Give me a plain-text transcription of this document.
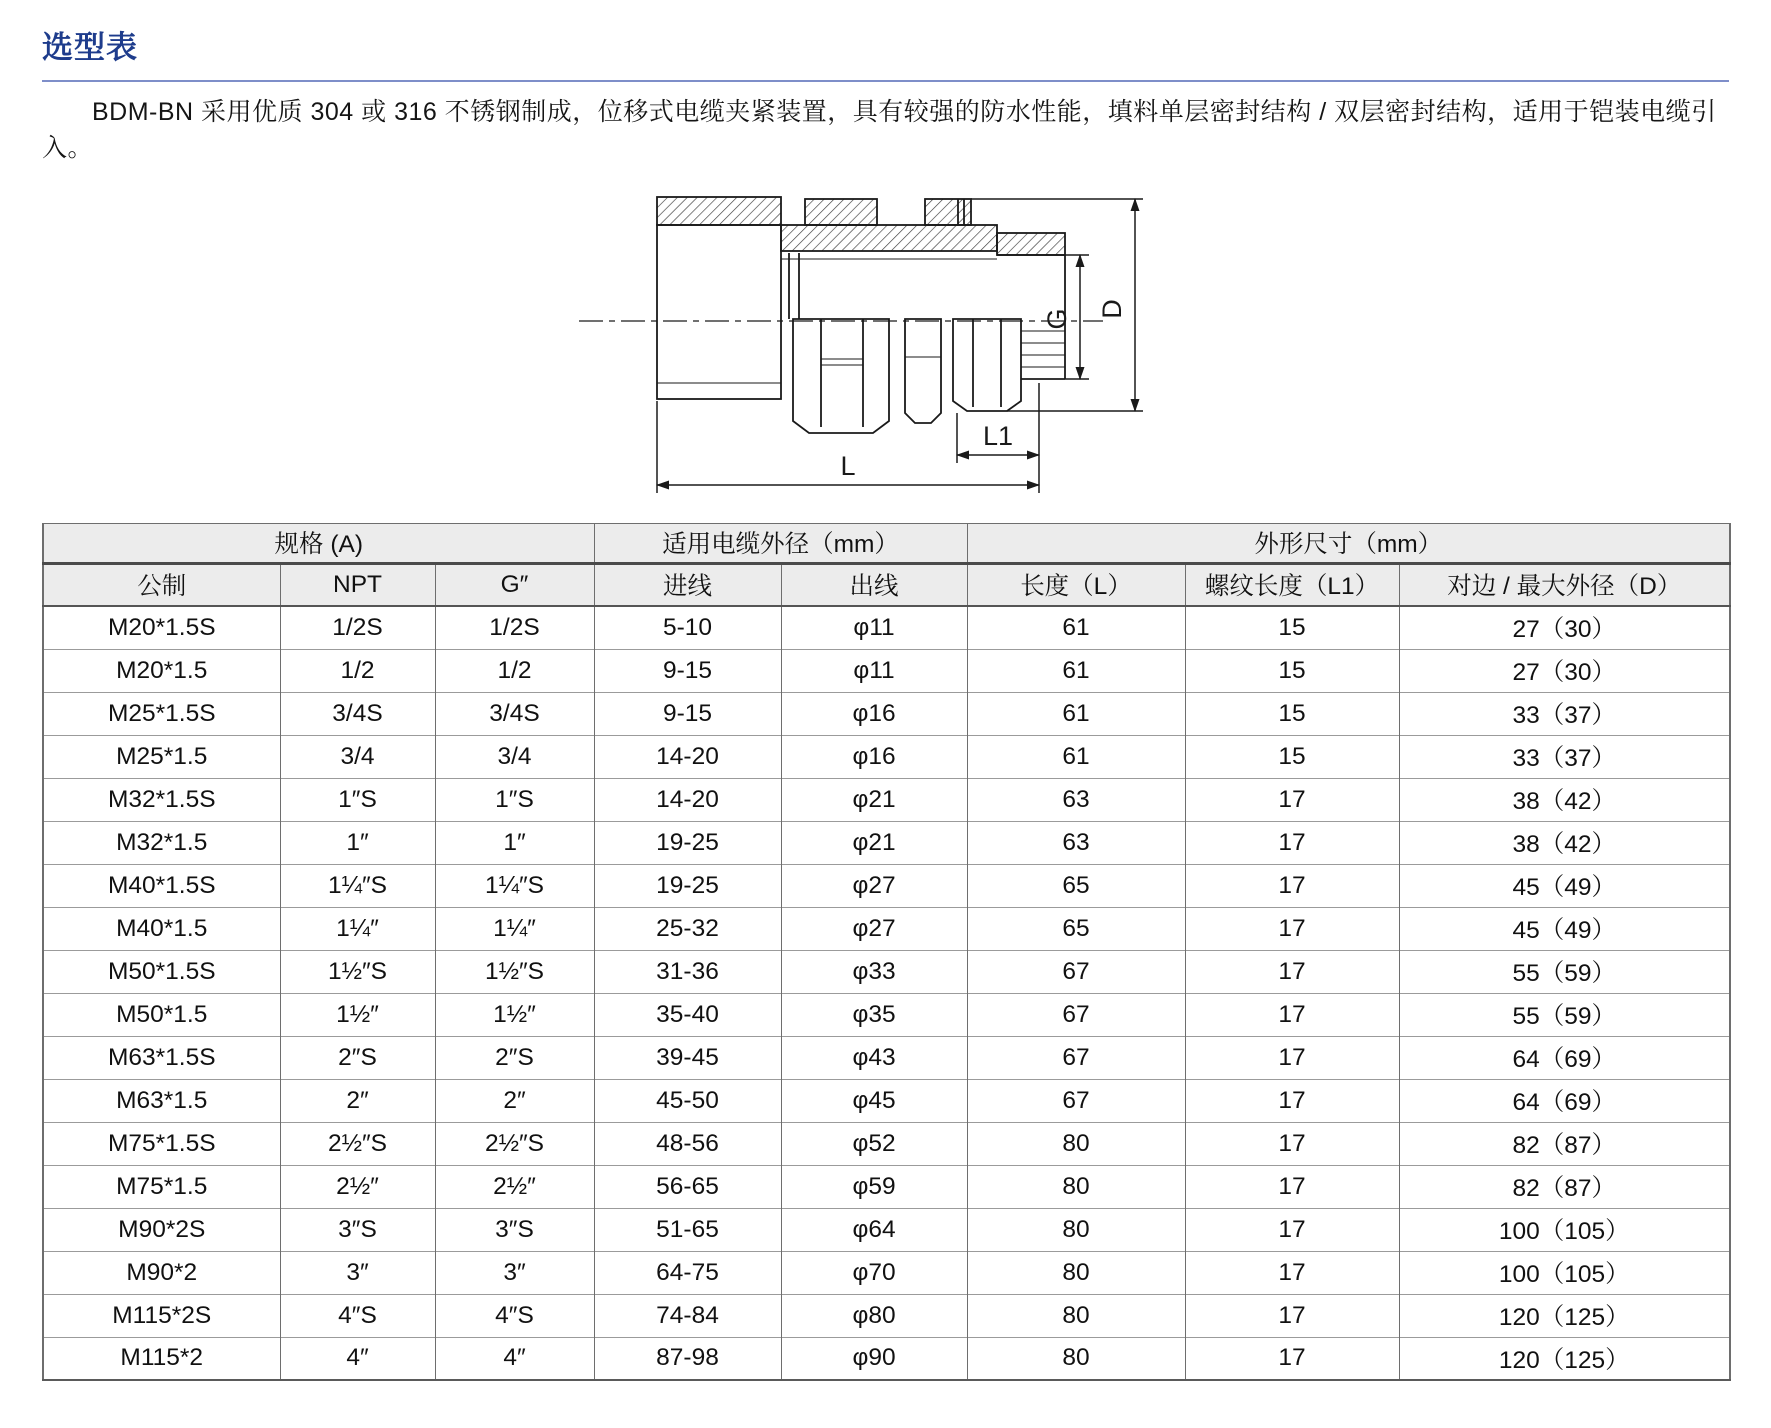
选型表

BDM-BN 采用优质 304 或 316 不锈钢制成，位移式电缆夹紧装置，具有较强的防水性能，填料单层密封结构 / 双层密封结构，适用于铠装电缆引入。

G D
L1
L
规格 (A)			适用电缆外径（mm）		外形尺寸（mm）		
公制	NPT	G″	进线	出线	长度（L）	螺纹长度（L1）	对边 / 最大外径（D）
M20*1.5S	1/2S	1/2S	5-10	φ11	61	15	27（30）
M20*1.5	1/2	1/2	9-15	φ11	61	15	27（30）
M25*1.5S	3/4S	3/4S	9-15	φ16	61	15	33（37）
M25*1.5	3/4	3/4	14-20	φ16	61	15	33（37）
M32*1.5S	1″S	1″S	14-20	φ21	63	17	38（42）
M32*1.5	1″	1″	19-25	φ21	63	17	38（42）
M40*1.5S	1¼″S	1¼″S	19-25	φ27	65	17	45（49）
M40*1.5	1¼″	1¼″	25-32	φ27	65	17	45（49）
M50*1.5S	1½″S	1½″S	31-36	φ33	67	17	55（59）
M50*1.5	1½″	1½″	35-40	φ35	67	17	55（59）
M63*1.5S	2″S	2″S	39-45	φ43	67	17	64（69）
M63*1.5	2″	2″	45-50	φ45	67	17	64（69）
M75*1.5S	2½″S	2½″S	48-56	φ52	80	17	82（87）
M75*1.5	2½″	2½″	56-65	φ59	80	17	82（87）
M90*2S	3″S	3″S	51-65	φ64	80	17	100（105）
M90*2	3″	3″	64-75	φ70	80	17	100（105）
M115*2S	4″S	4″S	74-84	φ80	80	17	120（125）
M115*2	4″	4″	87-98	φ90	80	17	120（125）
